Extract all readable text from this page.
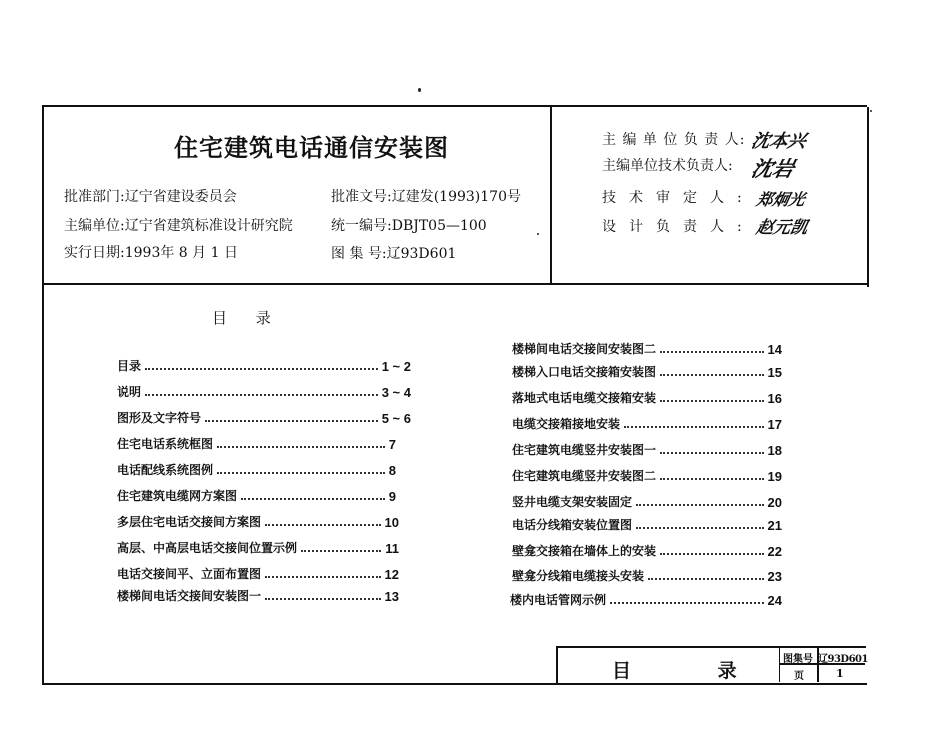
住宅建筑电话通信安装图
批准部门:辽宁省建设委员会
主编单位:辽宁省建筑标准设计研究院
实行日期:1993年 8 月 1 日
批准文号:辽建发(1993)170号
统一编号:DBJT05—100
图 集 号:辽93D601
主 编 单 位 负 责 人: 沈本兴
主编单位技术负责人: 沈岩
技术审定人: 郑炯光
设计负责人: 赵元凯
目 录
目录	1 ~ 2
说明	3 ~ 4
图形及文字符号	5 ~ 6
住宅电话系统框图	7
电话配线系统图例	8
住宅建筑电缆网方案图	9
多层住宅电话交接间方案图	10
高层、中高层电话交接间位置示例	11
电话交接间平、立面布置图	12
楼梯间电话交接间安装图一	13
楼梯间电话交接间安装图二	14
楼梯入口电话交接箱安装图	15
落地式电话电缆交接箱安装	16
电缆交接箱接地安装	17
住宅建筑电缆竖井安装图一	18
住宅建筑电缆竖井安装图二	19
竖井电缆支架安装固定	20
电话分线箱安装位置图	21
壁龛交接箱在墙体上的安装	22
壁龛分线箱电缆接头安装	23
楼内电话管网示例	24
目 录
图集号 辽93D601
页	1
